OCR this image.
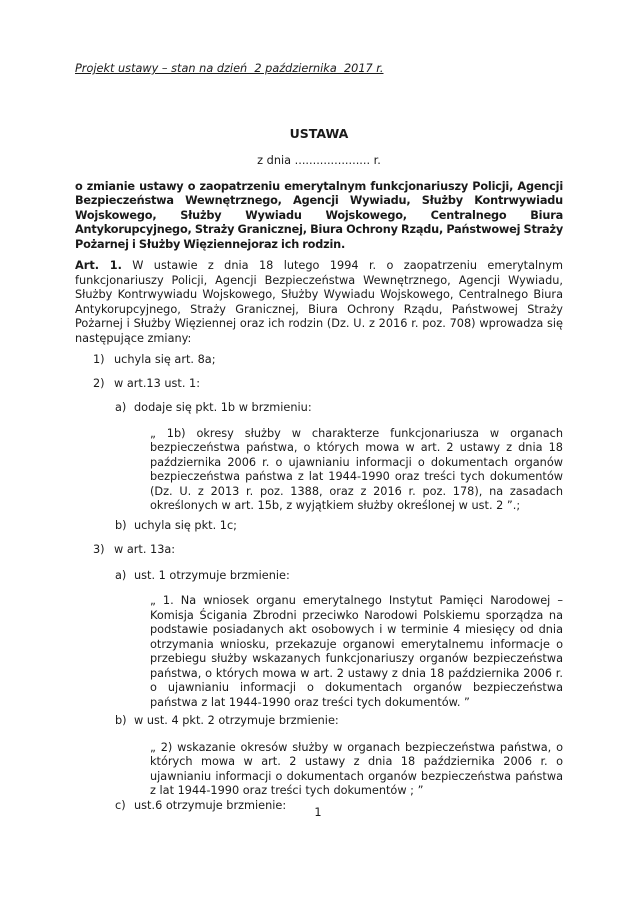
Projekt ustawy – stan na dzień  2 października  2017 r.
USTAWA
z dnia ..................... r.
o zmianie ustawy o zaopatrzeniu emerytalnym funkcjonariuszy Policji, Agencji Bezpieczeństwa Wewnętrznego, Agencji Wywiadu, Służby Kontrwywiadu Wojskowego, Służby Wywiadu Wojskowego, Centralnego Biura Antykorupcyjnego, Straży Granicznej, Biura Ochrony Rządu, Państwowej Straży Pożarnej i Służby Więziennejoraz ich rodzin.

Art. 1. W ustawie z dnia 18 lutego 1994 r. o zaopatrzeniu emerytalnym funkcjonariuszy Policji, Agencji Bezpieczeństwa Wewnętrznego, Agencji Wywiadu, Służby Kontrwywiadu Wojskowego, Służby Wywiadu Wojskowego, Centralnego Biura Antykorupcyjnego, Straży Granicznej, Biura Ochrony Rządu, Państwowej Straży Pożarnej i Służby Więziennej oraz ich rodzin (Dz. U. z 2016 r. poz. 708) wprowadza się następujące zmiany:

1) uchyla się art. 8a;
2) w art.13 ust. 1:
a) dodaje się pkt. 1b w brzmieniu:
„ 1b) okresy służby w charakterze funkcjonariusza w organach bezpieczeństwa państwa, o których mowa w art. 2 ustawy z dnia 18 października 2006 r. o ujawnianiu informacji o dokumentach organów bezpieczeństwa państwa z lat 1944-1990 oraz treści tych dokumentów (Dz. U. z 2013 r. poz. 1388, oraz z 2016 r. poz. 178), na zasadach określonych w art. 15b, z wyjątkiem służby określonej w ust. 2 ”.;
b) uchyla się pkt. 1c;
3) w art. 13a:
a) ust. 1 otrzymuje brzmienie:
„ 1. Na wniosek organu emerytalnego Instytut Pamięci Narodowej – Komisja Ścigania Zbrodni przeciwko Narodowi Polskiemu sporządza na podstawie posiadanych akt osobowych i w terminie 4 miesięcy od dnia otrzymania wniosku, przekazuje organowi emerytalnemu informacje o przebiegu służby wskazanych funkcjonariuszy organów bezpieczeństwa państwa, o których mowa w art. 2 ustawy z dnia 18 października 2006 r. o ujawnianiu informacji o dokumentach organów bezpieczeństwa państwa z lat 1944-1990 oraz treści tych dokumentów. ”
b) w ust. 4 pkt. 2 otrzymuje brzmienie:
„ 2) wskazanie okresów służby w organach bezpieczeństwa państwa, o których mowa w art. 2 ustawy z dnia 18 października 2006 r. o ujawnianiu informacji o dokumentach organów bezpieczeństwa państwa z lat 1944-1990 oraz treści tych dokumentów ; ”
c) ust.6 otrzymuje brzmienie:
1
